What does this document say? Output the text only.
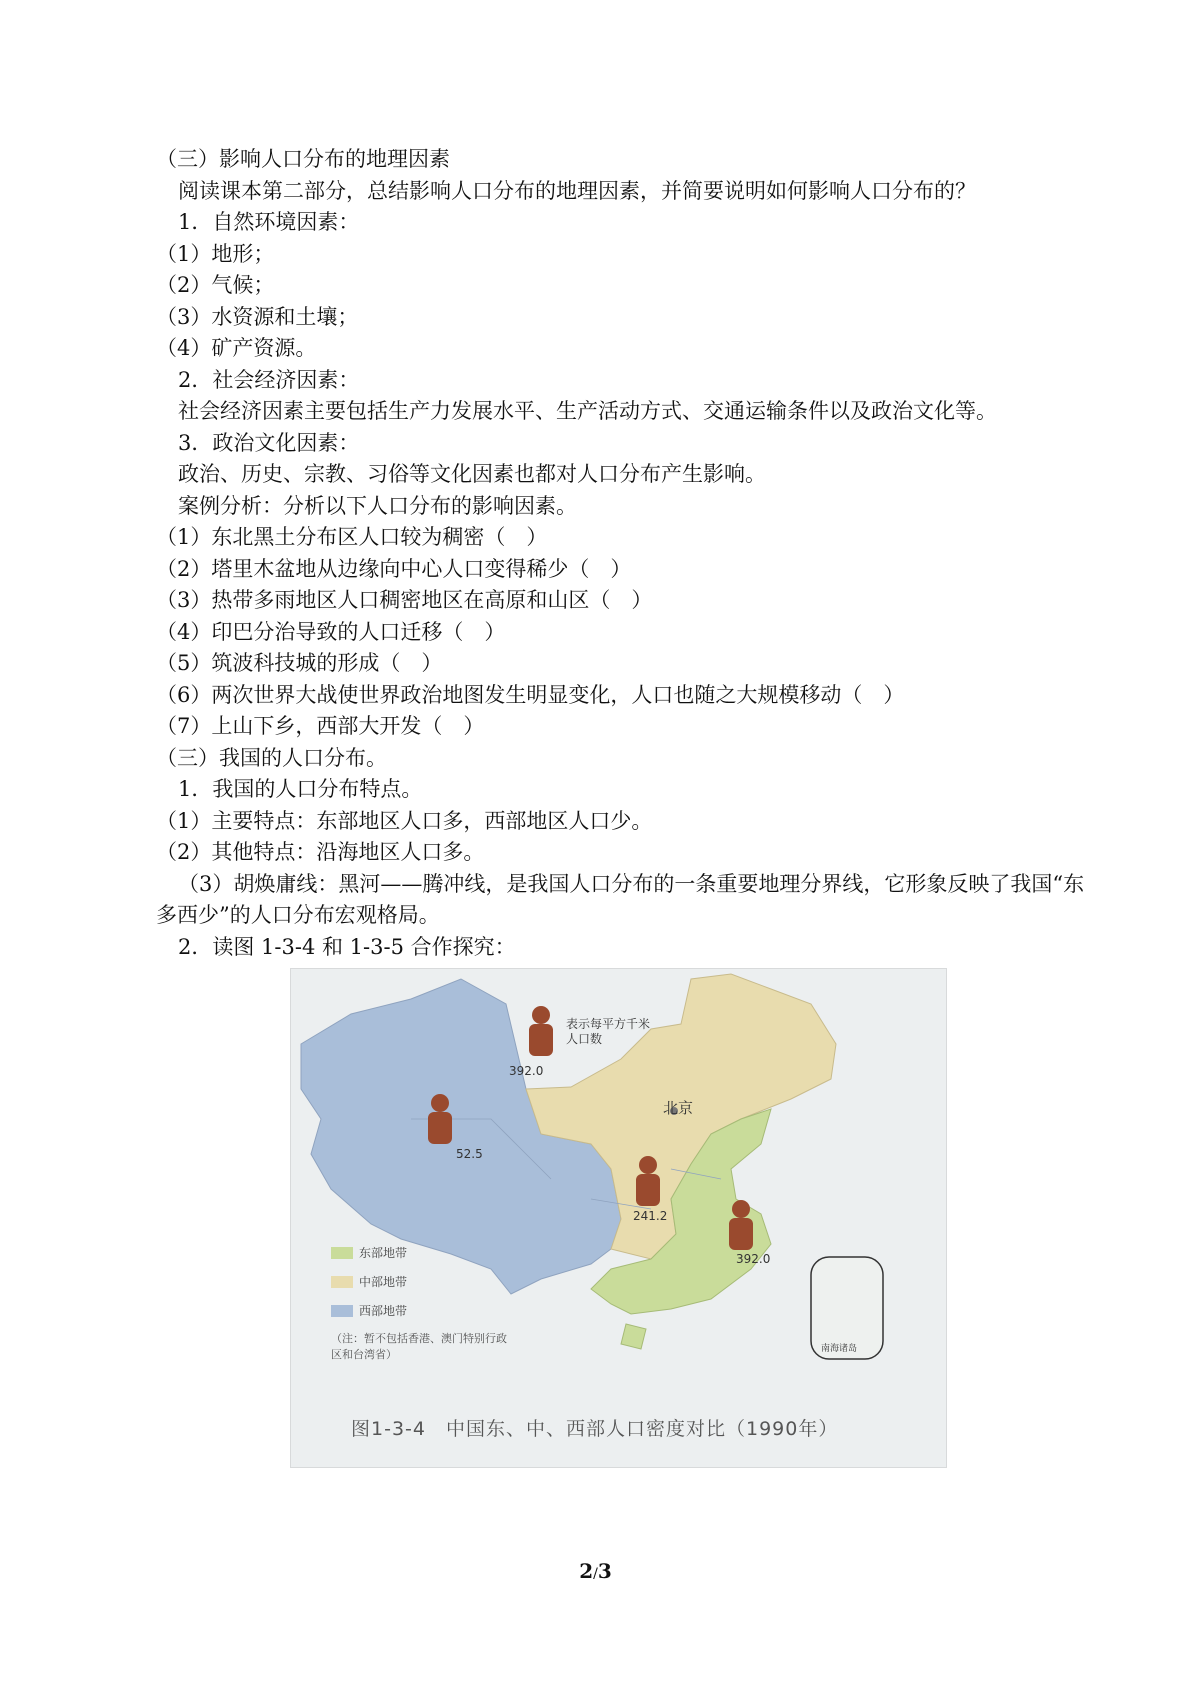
（三）影响人口分布的地理因素
阅读课本第二部分，总结影响人口分布的地理因素，并简要说明如何影响人口分布的？
1．自然环境因素：
（1）地形；
（2）气候；
（3）水资源和土壤；
（4）矿产资源。
2．社会经济因素：
社会经济因素主要包括生产力发展水平、生产活动方式、交通运输条件以及政治文化等。
3．政治文化因素：
政治、历史、宗教、习俗等文化因素也都对人口分布产生影响。
案例分析：分析以下人口分布的影响因素。
（1）东北黑土分布区人口较为稠密（　）
（2）塔里木盆地从边缘向中心人口变得稀少（　）
（3）热带多雨地区人口稠密地区在高原和山区（　）
（4）印巴分治导致的人口迁移（　）
（5）筑波科技城的形成（　）
（6）两次世界大战使世界政治地图发生明显变化，人口也随之大规模移动（　）
（7）上山下乡，西部大开发（　）
（三）我国的人口分布。
1．我国的人口分布特点。
（1）主要特点：东部地区人口多，西部地区人口少。
（2）其他特点：沿海地区人口多。
（3）胡焕庸线：黑河——腾冲线，是我国人口分布的一条重要地理分界线，它形象反映了我国“东多西少”的人口分布宏观格局。
2．读图 1-3-4 和 1-3-5 合作探究：
392.0
表示每平方千米人口数
北京
52.5
241.2
392.0
南海诸岛
东部地带
中部地带
西部地带
（注：暂不包括香港、澳门特别行政区和台湾省）
图1-3-4　中国东、中、西部人口密度对比（1990年）
2/3
